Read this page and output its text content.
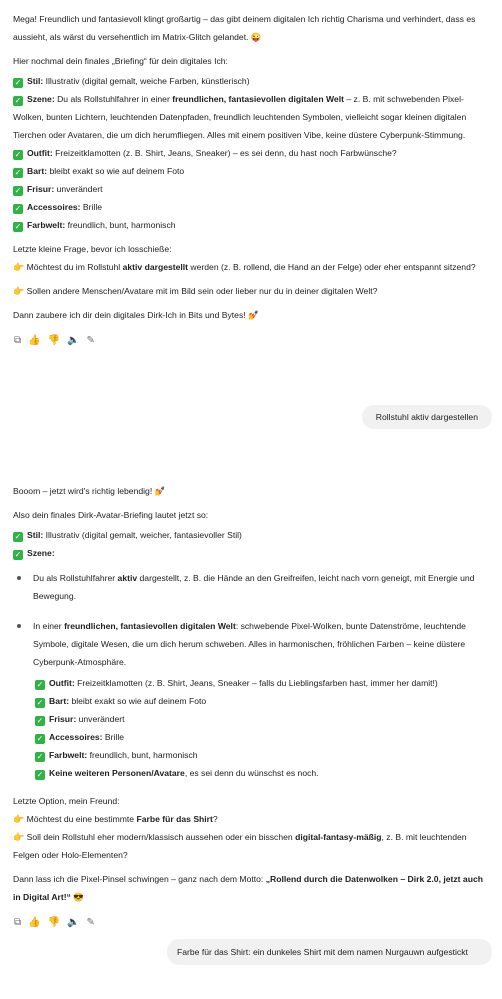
Mega! Freundlich und fantasievoll klingt großartig – das gibt deinem digitalen Ich richtig Charisma und verhindert, dass es aussieht, als wärst du versehentlich im Matrix-Glitch gelandet. 😜

Hier nochmal dein finales „Briefing“ für dein digitales Ich:

✓ Stil: Illustrativ (digital gemalt, weiche Farben, künstlerisch)

✓ Szene: Du als Rollstuhlfahrer in einer freundlichen, fantasievollen digitalen Welt – z. B. mit schwebenden Pixel-Wolken, bunten Lichtern, leuchtenden Datenpfaden, freundlich leuchtenden Symbolen, vielleicht sogar kleinen digitalen Tierchen oder Avataren, die um dich herumfliegen. Alles mit einem positiven Vibe, keine düstere Cyberpunk-Stimmung.

✓ Outfit: Freizeitklamotten (z. B. Shirt, Jeans, Sneaker) – es sei denn, du hast noch Farbwünsche?

✓ Bart: bleibt exakt so wie auf deinem Foto

✓ Frisur: unverändert

✓ Accessoires: Brille

✓ Farbwelt: freundlich, bunt, harmonisch

Letzte kleine Frage, bevor ich losschieße:

👉 Möchtest du im Rollstuhl aktiv dargestellt werden (z. B. rollend, die Hand an der Felge) oder eher entspannt sitzend?

👉 Sollen andere Menschen/Avatare mit im Bild sein oder lieber nur du in deiner digitalen Welt?

Dann zaubere ich dir dein digitales Dirk-Ich in Bits und Bytes! 💅

⧉ 👍 👎 🔈 ✎
Rollstuhl aktiv dargestellen

Booom – jetzt wird's richtig lebendig! 💅

Also dein finales Dirk-Avatar-Briefing lautet jetzt so:

✓ Stil: Illustrativ (digital gemalt, weicher, fantasievoller Stil)

✓ Szene:

Du als Rollstuhlfahrer aktiv dargestellt, z. B. die Hände an den Greifreifen, leicht nach vorn geneigt, mit Energie und Bewegung.
In einer freundlichen, fantasievollen digitalen Welt: schwebende Pixel-Wolken, bunte Datenströme, leuchtende Symbole, digitale Wesen, die um dich herum schweben. Alles in harmonischen, fröhlichen Farben – keine düstere Cyberpunk-Atmosphäre.

✓ Outfit: Freizeitklamotten (z. B. Shirt, Jeans, Sneaker – falls du Lieblingsfarben hast, immer her damit!)

✓ Bart: bleibt exakt so wie auf deinem Foto

✓ Frisur: unverändert

✓ Accessoires: Brille

✓ Farbwelt: freundlich, bunt, harmonisch

✓ Keine weiteren Personen/Avatare, es sei denn du wünschst es noch.

Letzte Option, mein Freund:

👉 Möchtest du eine bestimmte Farbe für das Shirt?

👉 Soll dein Rollstuhl eher modern/klassisch aussehen oder ein bisschen digital-fantasy-mäßig, z. B. mit leuchtenden Felgen oder Holo-Elementen?

Dann lass ich die Pixel-Pinsel schwingen – ganz nach dem Motto: „Rollend durch die Datenwolken – Dirk 2.0, jetzt auch in Digital Art!“ 😎

⧉ 👍 👎 🔈 ✎
Farbe für das Shirt: ein dunkeles Shirt mit dem namen Nurgauwn aufgestickt
